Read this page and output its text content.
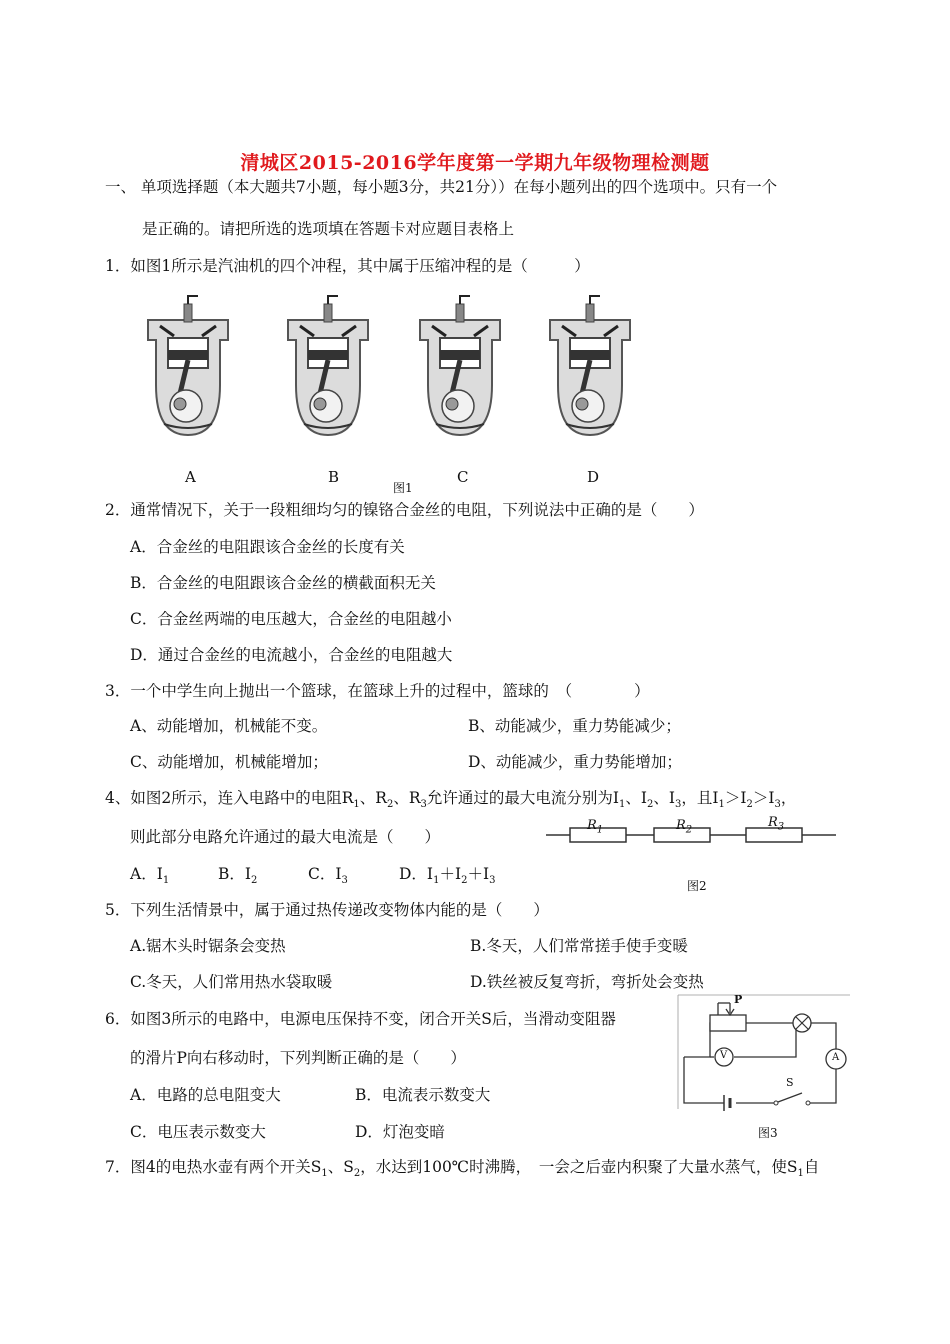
清城区2015-2016学年度第一学期九年级物理检测题
一、 单项选择题（本大题共7小题，每小题3分，共21分））在每小题列出的四个选项中。只有一个
是正确的。请把所选的选项填在答题卡对应题目表格上
1．如图1所示是汽油机的四个冲程，其中属于压缩冲程的是（　　　）
A	B	C	D
图1
2．通常情况下，关于一段粗细均匀的镍铬合金丝的电阻，下列说法中正确的是（　　）
A．合金丝的电阻跟该合金丝的长度有关
B．合金丝的电阻跟该合金丝的横截面积无关
C．合金丝两端的电压越大，合金丝的电阻越小
D．通过合金丝的电流越小，合金丝的电阻越大
3．一个中学生向上抛出一个篮球，在篮球上升的过程中，篮球的　（　　　　）
A、动能增加，机械能不变。	B、动能减少，重力势能减少；
C、动能增加，机械能增加；	D、动能减少，重力势能增加；
4、如图2所示，连入电路中的电阻$R_1$、$R_2$、$R_3$允许通过的最大电流分别为$I_1$、$I_2$、$I_3$，且$I_1>I_2>I_3$，
则此部分电路允许通过的最大电流是（　　）
$R_1$	$R_2$
$R_3$
A．$I_1$	B．$I_2$	C．$I_3$	D．$I_1+I_2+I_3$	图2
5．下列生活情景中，属于通过热传递改变物体内能的是（　　）
A.锯木头时锯条会变热	B.冬天，人们常常搓手使手变暖
C.冬天，人们常用热水袋取暖	D.铁丝被反复弯折，弯折处会变热
6．如图3所示的电路中，电源电压保持不变，闭合开关S后，当滑动变阻器
的滑片P向右移动时，下列判断正确的是（　　）
A．电路的总电阻变大	B．电流表示数变大
C．电压表示数变大	D．灯泡变暗
P
V	A
S
图3
7．图4的电热水壶有两个开关$S_1$、$S_2$，水达到100℃时沸腾，　一会之后壶内积聚了大量水蒸气，使$S_1$自
